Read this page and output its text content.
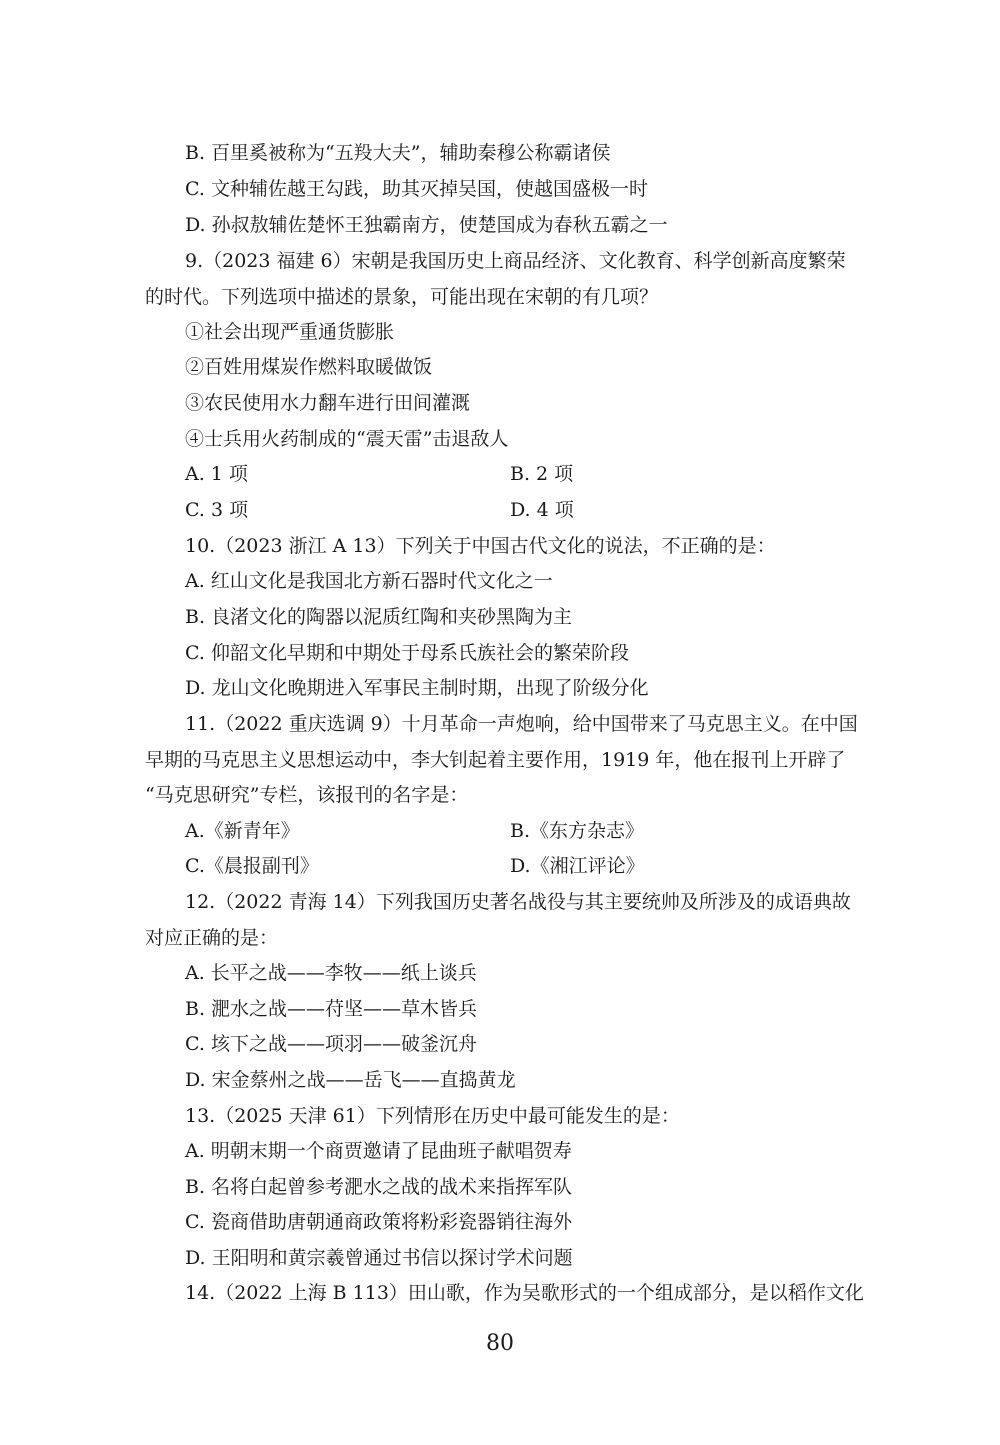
B. 百里奚被称为“五羖大夫”，辅助秦穆公称霸诸侯
C. 文种辅佐越王勾践，助其灭掉吴国，使越国盛极一时
D. 孙叔敖辅佐楚怀王独霸南方，使楚国成为春秋五霸之一
9.（2023 福建 6）宋朝是我国历史上商品经济、文化教育、科学创新高度繁荣
的时代。下列选项中描述的景象，可能出现在宋朝的有几项？
①社会出现严重通货膨胀
②百姓用煤炭作燃料取暖做饭
③农民使用水力翻车进行田间灌溉
④士兵用火药制成的“震天雷”击退敌人
A. 1 项	B. 2 项
C. 3 项	D. 4 项
10.（2023 浙江 A 13）下列关于中国古代文化的说法，不正确的是：
A. 红山文化是我国北方新石器时代文化之一
B. 良渚文化的陶器以泥质红陶和夹砂黑陶为主
C. 仰韶文化早期和中期处于母系氏族社会的繁荣阶段
D. 龙山文化晚期进入军事民主制时期，出现了阶级分化
11.（2022 重庆选调 9）十月革命一声炮响，给中国带来了马克思主义。在中国
早期的马克思主义思想运动中，李大钊起着主要作用，1919 年，他在报刊上开辟了
“马克思研究”专栏，该报刊的名字是：
A.《新青年》	B.《东方杂志》
C.《晨报副刊》	D.《湘江评论》
12.（2022 青海 14）下列我国历史著名战役与其主要统帅及所涉及的成语典故
对应正确的是：
A. 长平之战——李牧——纸上谈兵
B. 淝水之战——苻坚——草木皆兵
C. 垓下之战——项羽——破釜沉舟
D. 宋金蔡州之战——岳飞——直捣黄龙
13.（2025 天津 61）下列情形在历史中最可能发生的是：
A. 明朝末期一个商贾邀请了昆曲班子献唱贺寿
B. 名将白起曾参考淝水之战的战术来指挥军队
C. 瓷商借助唐朝通商政策将粉彩瓷器销往海外
D. 王阳明和黄宗羲曾通过书信以探讨学术问题
14.（2022 上海 B 113）田山歌，作为吴歌形式的一个组成部分，是以稻作文化
80
